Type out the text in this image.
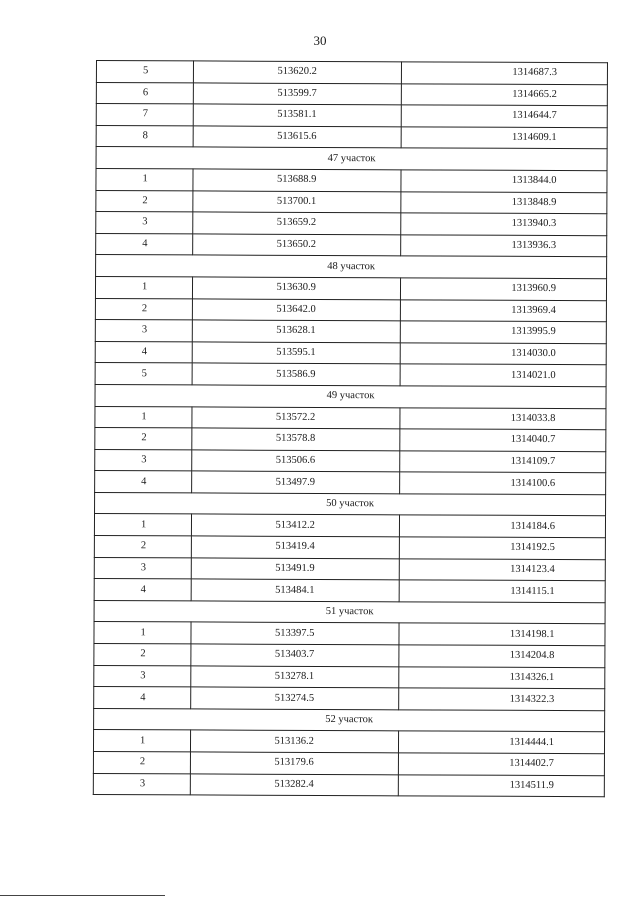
30
5	513620.2	1314687.3
6	513599.7	1314665.2
7	513581.1	1314644.7
8	513615.6	1314609.1
47 участок		
1	513688.9	1313844.0
2	513700.1	1313848.9
3	513659.2	1313940.3
4	513650.2	1313936.3
48 участок		
1	513630.9	1313960.9
2	513642.0	1313969.4
3	513628.1	1313995.9
4	513595.1	1314030.0
5	513586.9	1314021.0
49 участок		
1	513572.2	1314033.8
2	513578.8	1314040.7
3	513506.6	1314109.7
4	513497.9	1314100.6
50 участок		
1	513412.2	1314184.6
2	513419.4	1314192.5
3	513491.9	1314123.4
4	513484.1	1314115.1
51 участок		
1	513397.5	1314198.1
2	513403.7	1314204.8
3	513278.1	1314326.1
4	513274.5	1314322.3
52 участок		
1	513136.2	1314444.1
2	513179.6	1314402.7
3	513282.4	1314511.9
